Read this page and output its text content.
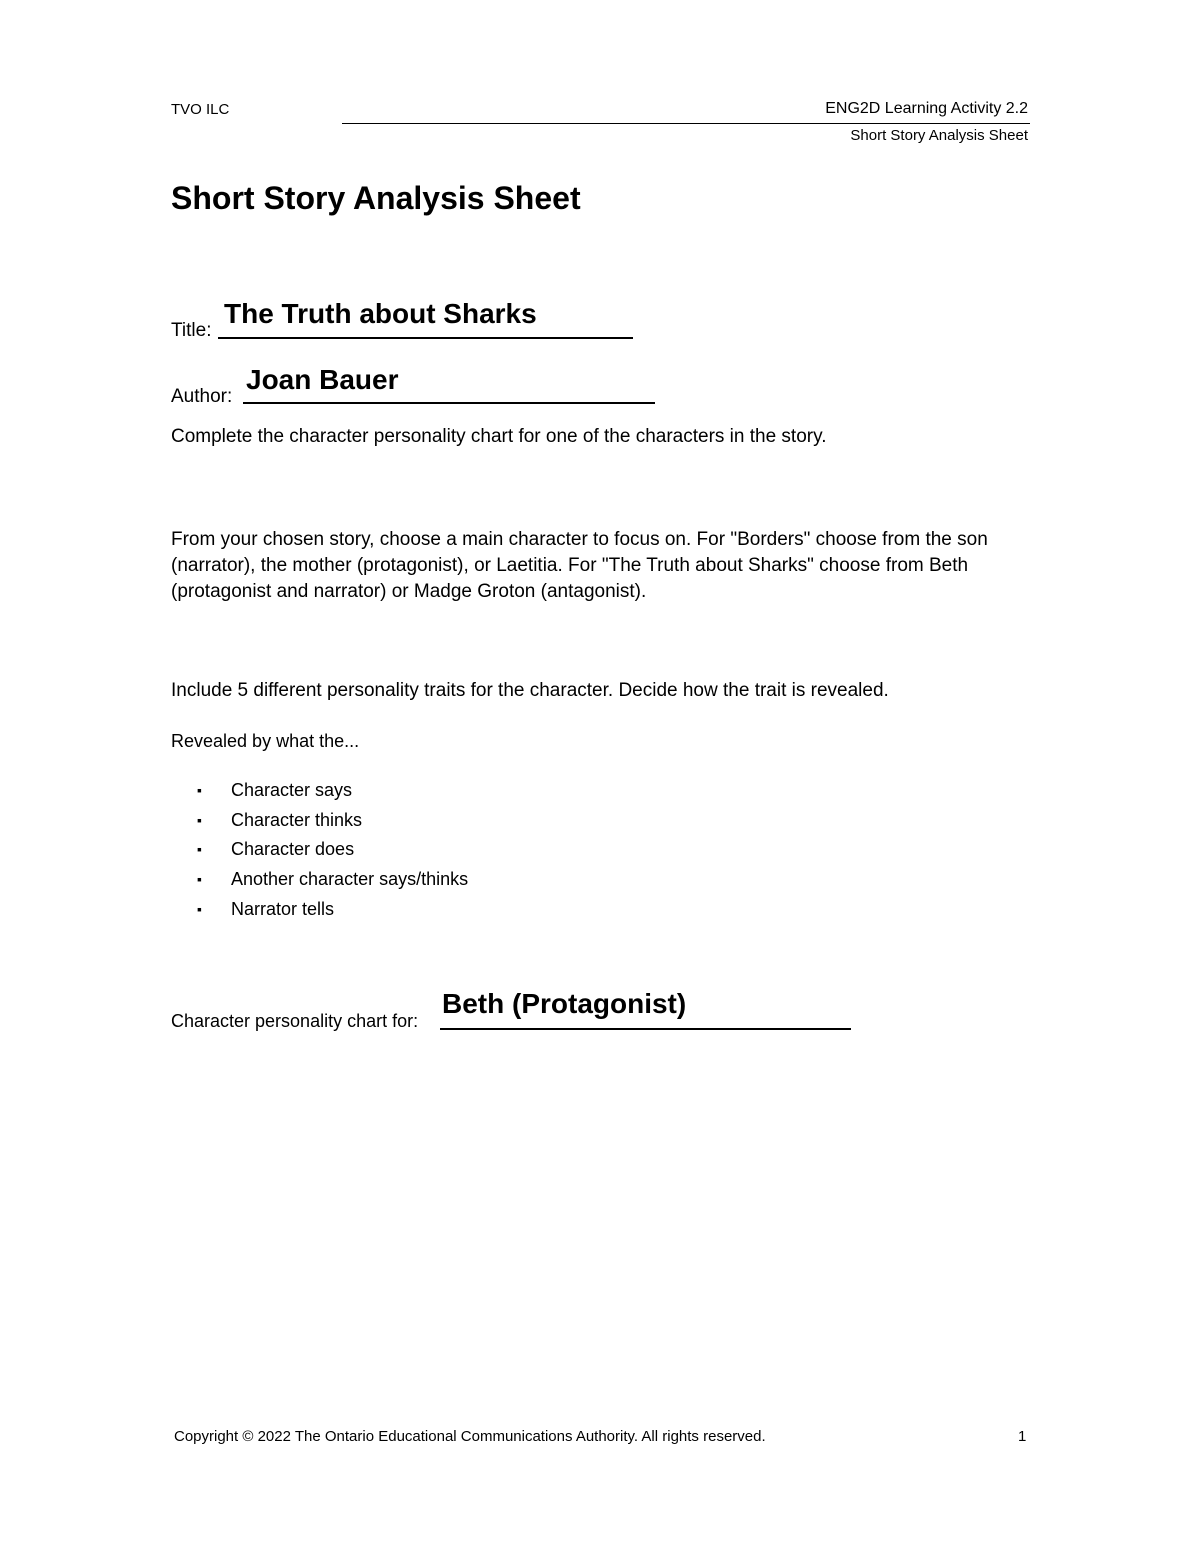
TVO ILC	ENG2D Learning Activity 2.2
Short Story Analysis Sheet
Short Story Analysis Sheet
Title:
The Truth about Sharks
Author:
Joan Bauer
Complete the character personality chart for one of the characters in the story.
From your chosen story, choose a main character to focus on. For "Borders" choose from the son (narrator), the mother (protagonist), or Laetitia. For "The Truth about Sharks" choose from Beth (protagonist and narrator) or Madge Groton (antagonist).
Include 5 different personality traits for the character. Decide how the trait is revealed.
Revealed by what the...
▪ Character says
▪ Character thinks
▪ Character does
▪ Another character says/thinks
▪ Narrator tells
Character personality chart for:
Beth (Protagonist)
Copyright © 2022 The Ontario Educational Communications Authority. All rights reserved.	1
